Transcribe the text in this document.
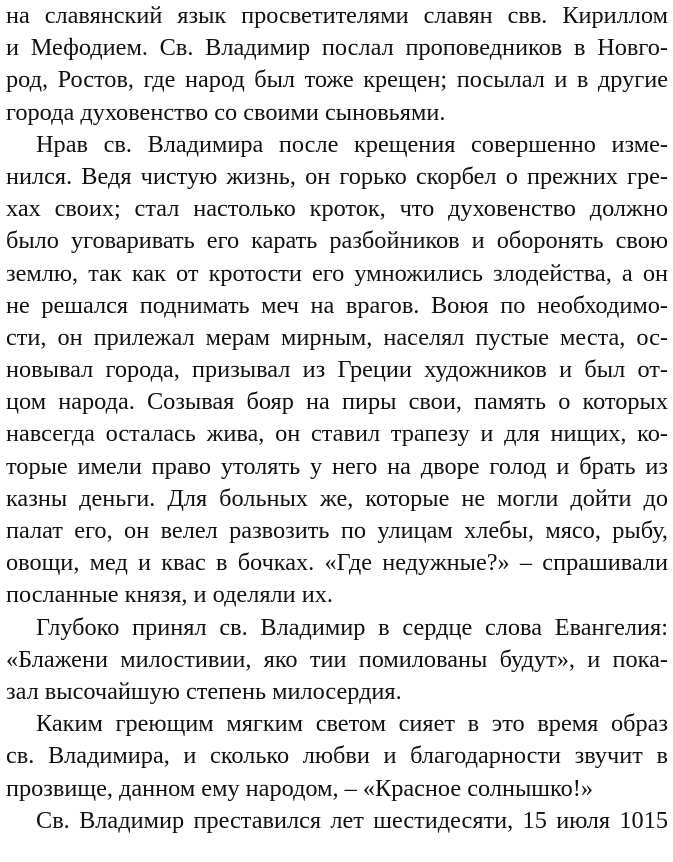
на славянский язык просветителями славян свв. Кириллом
и Мефодием. Св. Владимир послал проповедников в Новго-
род, Ростов, где народ был тоже крещен; посылал и в другие
города духовенство со своими сыновьями.

Нрав св. Владимира после крещения совершенно изме-
нился. Ведя чистую жизнь, он горько скорбел о прежних гре-
хах своих; стал настолько кроток, что духовенство должно
было уговаривать его карать разбойников и оборонять свою
землю, так как от кротости его умножились злодейства, а он
не решался поднимать меч на врагов. Воюя по необходимо-
сти, он прилежал мерам мирным, населял пустые места, ос-
новывал города, призывал из Греции художников и был от-
цом народа. Созывая бояр на пиры свои, память о которых
навсегда осталась жива, он ставил трапезу и для нищих, ко-
торые имели право утолять у него на дворе голод и брать из
казны деньги. Для больных же, которые не могли дойти до
палат его, он велел развозить по улицам хлебы, мясо, рыбу,
овощи, мед и квас в бочках. «Где недужные?» – спрашивали
посланные князя, и оделяли их.

Глубоко принял св. Владимир в сердце слова Евангелия:
«Блажени милостивии, яко тии помилованы будут», и пока-
зал высочайшую степень милосердия.

Каким греющим мягким светом сияет в это время образ
св. Владимира, и сколько любви и благодарности звучит в
прозвище, данном ему народом, – «Красное солнышко!»

Св. Владимир преставился лет шестидесяти, 15 июля 1015
